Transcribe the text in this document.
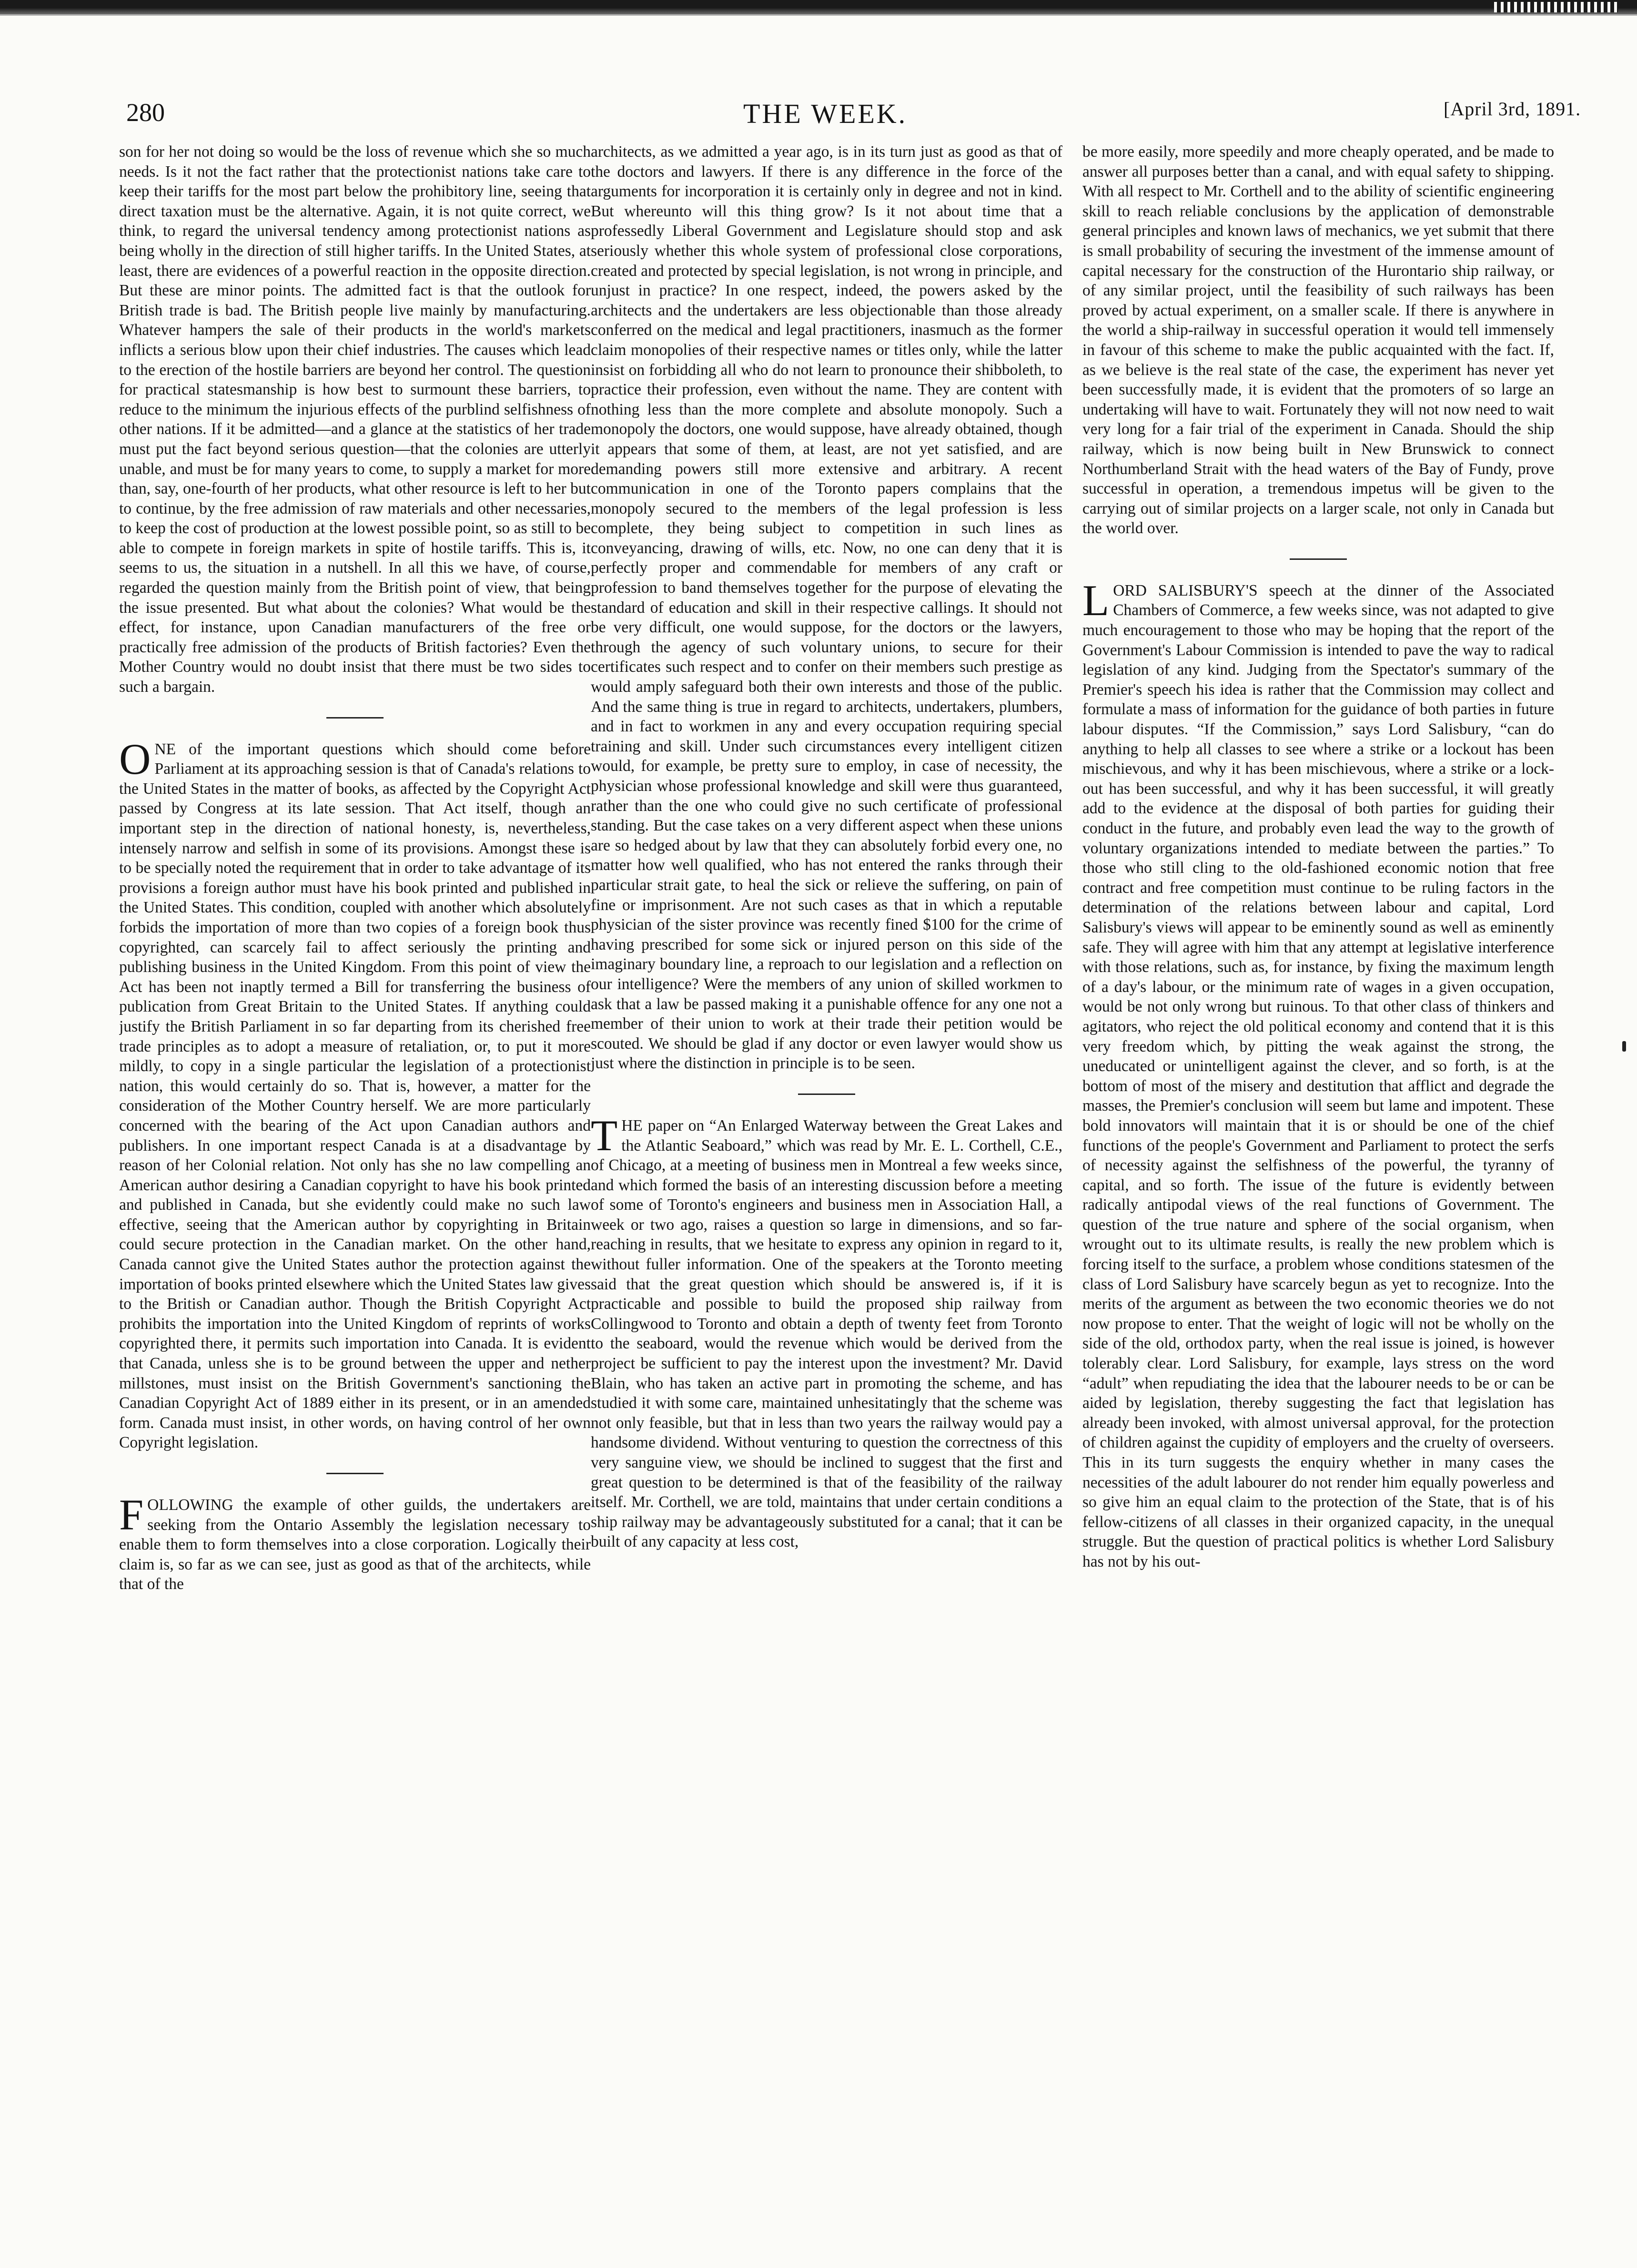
280	THE WEEK.	[April 3rd, 1891.

son for her not doing so would be the loss of revenue which she so much needs. Is it not the fact rather that the protectionist nations take care to keep their tariffs for the most part below the prohibitory line, seeing that direct taxation must be the alternative. Again, it is not quite correct, we think, to regard the universal tendency among protectionist nations as being wholly in the direction of still higher tariffs. In the United States, at least, there are evidences of a powerful reaction in the opposite direction. But these are minor points. The admitted fact is that the outlook for British trade is bad. The British people live mainly by manufacturing. Whatever hampers the sale of their products in the world's markets inflicts a serious blow upon their chief industries. The causes which lead to the erection of the hostile barriers are beyond her control. The question for practical statesmanship is how best to surmount these barriers, to reduce to the minimum the injurious effects of the purblind selfishness of other nations. If it be admitted—and a glance at the statistics of her trade must put the fact beyond serious question—that the colonies are utterly unable, and must be for many years to come, to supply a market for more than, say, one-fourth of her products, what other resource is left to her but to continue, by the free admission of raw materials and other necessaries, to keep the cost of production at the lowest possible point, so as still to be able to compete in foreign markets in spite of hostile tariffs. This is, it seems to us, the situation in a nutshell. In all this we have, of course, regarded the question mainly from the British point of view, that being the issue presented. But what about the colonies? What would be the effect, for instance, upon Canadian manufacturers of the free or practically free admission of the products of British factories? Even the Mother Country would no doubt insist that there must be two sides to such a bargain.

ONE of the important questions which should come before Parliament at its approaching session is that of Canada's relations to the United States in the matter of books, as affected by the Copyright Act passed by Congress at its late session. That Act itself, though an important step in the direction of national honesty, is, nevertheless, intensely narrow and selfish in some of its provisions. Amongst these is to be specially noted the requirement that in order to take advantage of its provisions a foreign author must have his book printed and published in the United States. This condition, coupled with another which absolutely forbids the importation of more than two copies of a foreign book thus copyrighted, can scarcely fail to affect seriously the printing and publishing business in the United Kingdom. From this point of view the Act has been not inaptly termed a Bill for transferring the business of publication from Great Britain to the United States. If anything could justify the British Parliament in so far departing from its cherished free trade principles as to adopt a measure of retaliation, or, to put it more mildly, to copy in a single particular the legislation of a protectionist nation, this would certainly do so. That is, however, a matter for the consideration of the Mother Country herself. We are more particularly concerned with the bearing of the Act upon Canadian authors and publishers. In one important respect Canada is at a disadvantage by reason of her Colonial relation. Not only has she no law compelling an American author desiring a Canadian copyright to have his book printed and published in Canada, but she evidently could make no such law effective, seeing that the American author by copyrighting in Britain could secure protection in the Canadian market. On the other hand, Canada cannot give the United States author the protection against the importation of books printed elsewhere which the United States law gives to the British or Canadian author. Though the British Copyright Act prohibits the importation into the United Kingdom of reprints of works copyrighted there, it permits such importation into Canada. It is evident that Canada, unless she is to be ground between the upper and nether millstones, must insist on the British Government's sanctioning the Canadian Copyright Act of 1889 either in its present, or in an amended form. Canada must insist, in other words, on having control of her own Copyright legislation.

FOLLOWING the example of other guilds, the undertakers are seeking from the Ontario Assembly the legislation necessary to enable them to form themselves into a close corporation. Logically their claim is, so far as we can see, just as good as that of the architects, while that of the

architects, as we admitted a year ago, is in its turn just as good as that of the doctors and lawyers. If there is any difference in the force of the arguments for incorporation it is certainly only in degree and not in kind. But whereunto will this thing grow? Is it not about time that a professedly Liberal Government and Legislature should stop and ask seriously whether this whole system of professional close corporations, created and protected by special legislation, is not wrong in principle, and unjust in practice? In one respect, indeed, the powers asked by the architects and the undertakers are less objectionable than those already conferred on the medical and legal practitioners, inasmuch as the former claim monopolies of their respective names or titles only, while the latter insist on forbidding all who do not learn to pronounce their shibboleth, to practice their profession, even without the name. They are content with nothing less than the more complete and absolute monopoly. Such a monopoly the doctors, one would suppose, have already obtained, though it appears that some of them, at least, are not yet satisfied, and are demanding powers still more extensive and arbitrary. A recent communication in one of the Toronto papers complains that the monopoly secured to the members of the legal profession is less complete, they being subject to competition in such lines as conveyancing, drawing of wills, etc. Now, no one can deny that it is perfectly proper and commendable for members of any craft or profession to band themselves together for the purpose of elevating the standard of education and skill in their respective callings. It should not be very difficult, one would suppose, for the doctors or the lawyers, through the agency of such voluntary unions, to secure for their certificates such respect and to confer on their members such prestige as would amply safeguard both their own interests and those of the public. And the same thing is true in regard to architects, undertakers, plumbers, and in fact to workmen in any and every occupation requiring special training and skill. Under such circumstances every intelligent citizen would, for example, be pretty sure to employ, in case of necessity, the physician whose professional knowledge and skill were thus guaranteed, rather than the one who could give no such certificate of professional standing. But the case takes on a very different aspect when these unions are so hedged about by law that they can absolutely forbid every one, no matter how well qualified, who has not entered the ranks through their particular strait gate, to heal the sick or relieve the suffering, on pain of fine or imprisonment. Are not such cases as that in which a reputable physician of the sister province was recently fined $100 for the crime of having prescribed for some sick or injured person on this side of the imaginary boundary line, a reproach to our legislation and a reflection on our intelligence? Were the members of any union of skilled workmen to ask that a law be passed making it a punishable offence for any one not a member of their union to work at their trade their petition would be scouted. We should be glad if any doctor or even lawyer would show us just where the distinction in principle is to be seen.

THE paper on “An Enlarged Waterway between the Great Lakes and the Atlantic Seaboard,” which was read by Mr. E. L. Corthell, C.E., of Chicago, at a meeting of business men in Montreal a few weeks since, and which formed the basis of an interesting discussion before a meeting of some of Toronto's engineers and business men in Association Hall, a week or two ago, raises a question so large in dimensions, and so far-reaching in results, that we hesitate to express any opinion in regard to it, without fuller information. One of the speakers at the Toronto meeting said that the great question which should be answered is, if it is practicable and possible to build the proposed ship railway from Collingwood to Toronto and obtain a depth of twenty feet from Toronto to the seaboard, would the revenue which would be derived from the project be sufficient to pay the interest upon the investment? Mr. David Blain, who has taken an active part in promoting the scheme, and has studied it with some care, maintained unhesitatingly that the scheme was not only feasible, but that in less than two years the railway would pay a handsome dividend. Without venturing to question the correctness of this very sanguine view, we should be inclined to suggest that the first and great question to be determined is that of the feasibility of the railway itself. Mr. Corthell, we are told, maintains that under certain conditions a ship railway may be advantageously substituted for a canal; that it can be built of any capacity at less cost,

be more easily, more speedily and more cheaply operated, and be made to answer all purposes better than a canal, and with equal safety to shipping. With all respect to Mr. Corthell and to the ability of scientific engineering skill to reach reliable conclusions by the application of demonstrable general principles and known laws of mechanics, we yet submit that there is small probability of securing the investment of the immense amount of capital necessary for the construction of the Hurontario ship railway, or of any similar project, until the feasibility of such railways has been proved by actual experiment, on a smaller scale. If there is anywhere in the world a ship-railway in successful operation it would tell immensely in favour of this scheme to make the public acquainted with the fact. If, as we believe is the real state of the case, the experiment has never yet been successfully made, it is evident that the promoters of so large an undertaking will have to wait. Fortunately they will not now need to wait very long for a fair trial of the experiment in Canada. Should the ship railway, which is now being built in New Brunswick to connect Northumberland Strait with the head waters of the Bay of Fundy, prove successful in operation, a tremendous impetus will be given to the carrying out of similar projects on a larger scale, not only in Canada but the world over.

LORD SALISBURY'S speech at the dinner of the Associated Chambers of Commerce, a few weeks since, was not adapted to give much encouragement to those who may be hoping that the report of the Government's Labour Commission is intended to pave the way to radical legislation of any kind. Judging from the Spectator's summary of the Premier's speech his idea is rather that the Commission may collect and formulate a mass of information for the guidance of both parties in future labour disputes. “If the Commission,” says Lord Salisbury, “can do anything to help all classes to see where a strike or a lockout has been mischievous, and why it has been mischievous, where a strike or a lock-out has been successful, and why it has been successful, it will greatly add to the evidence at the disposal of both parties for guiding their conduct in the future, and probably even lead the way to the growth of voluntary organizations intended to mediate between the parties.” To those who still cling to the old-fashioned economic notion that free contract and free competition must continue to be ruling factors in the determination of the relations between labour and capital, Lord Salisbury's views will appear to be eminently sound as well as eminently safe. They will agree with him that any attempt at legislative interference with those relations, such as, for instance, by fixing the maximum length of a day's labour, or the minimum rate of wages in a given occupation, would be not only wrong but ruinous. To that other class of thinkers and agitators, who reject the old political economy and contend that it is this very freedom which, by pitting the weak against the strong, the uneducated or unintelligent against the clever, and so forth, is at the bottom of most of the misery and destitution that afflict and degrade the masses, the Premier's conclusion will seem but lame and impotent. These bold innovators will maintain that it is or should be one of the chief functions of the people's Government and Parliament to protect the serfs of necessity against the selfishness of the powerful, the tyranny of capital, and so forth. The issue of the future is evidently between radically antipodal views of the real functions of Government. The question of the true nature and sphere of the social organism, when wrought out to its ultimate results, is really the new problem which is forcing itself to the surface, a problem whose conditions statesmen of the class of Lord Salisbury have scarcely begun as yet to recognize. Into the merits of the argument as between the two economic theories we do not now propose to enter. That the weight of logic will not be wholly on the side of the old, orthodox party, when the real issue is joined, is however tolerably clear. Lord Salisbury, for example, lays stress on the word “adult” when repudiating the idea that the labourer needs to be or can be aided by legislation, thereby suggesting the fact that legislation has already been invoked, with almost universal approval, for the protection of children against the cupidity of employers and the cruelty of overseers. This in its turn suggests the enquiry whether in many cases the necessities of the adult labourer do not render him equally powerless and so give him an equal claim to the protection of the State, that is of his fellow-citizens of all classes in their organized capacity, in the unequal struggle. But the question of practical politics is whether Lord Salisbury has not by his out-
